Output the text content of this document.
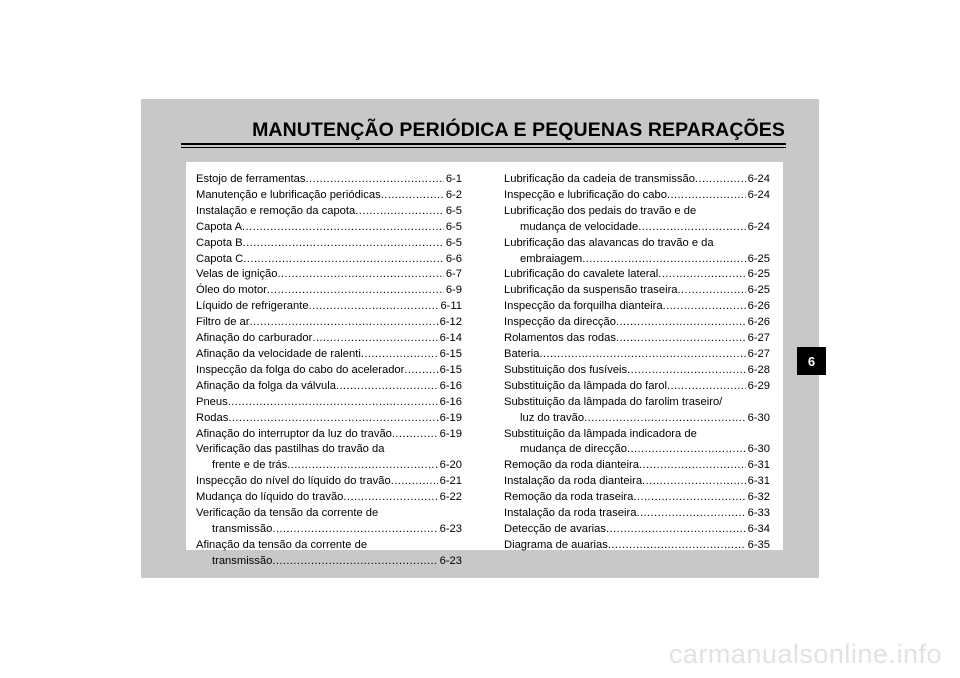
MANUTENÇÃO PERIÓDICA E PEQUENAS REPARAÇÕES
Estojo de ferramentas . . .	6-1
Manutenção e lubrificação periódicas . . .	6-2
Instalação e remoção da capota . . .	6-5
Capota A . . .	6-5
Capota B . . .	6-5
Capota C . . .	6-6
Velas de ignição . . .	6-7
Óleo do motor . . .	6-9
Líquido de refrigerante . . .	6-11
Filtro de ar . . .	6-12
Afinação do carburador . . .	6-14
Afinação da velocidade de ralenti . . .	6-15
Inspecção da folga do cabo do acelerador . . .	6-15
Afinação da folga da válvula . . .	6-16
Pneus . . .	6-16
Rodas . . .	6-19
Afinação do interruptor da luz do travão . . .	6-19
Verificação das pastilhas do travão da
frente e de trás . . .	6-20
Inspecção do nível do líquido do travão . . .	6-21
Mudança do líquido do travão . . .	6-22
Verificação da tensão da corrente de
transmissão . . .	6-23
Afinação da tensão da corrente de
transmissão . . .	6-23
Lubrificação da cadeia de transmissão . . .	6-24
Inspecção e lubrificação do cabo . . .	6-24
Lubrificação dos pedais do travão e de
mudança de velocidade . . .	6-24
Lubrificação das alavancas do travão e da
embraiagem . . .	6-25
Lubrificação do cavalete lateral . . .	6-25
Lubrificação da suspensão traseira . . .	6-25
Inspecção da forquilha dianteira . . .	6-26
Inspecção da direcção . . .	6-26
Rolamentos das rodas . . .	6-27
Bateria . . .	6-27
Substituição dos fusíveis . . .	6-28
Substituição da lâmpada do farol . . .	6-29
Substituição da lâmpada do farolim traseiro/
luz do travão . . .	6-30
Substituição da lâmpada indicadora de
mudança de direcção . . .	6-30
Remoção da roda dianteira . . .	6-31
Instalação da roda dianteira . . .	6-31
Remoção da roda traseira . . .	6-32
Instalação da roda traseira . . .	6-33
Detecção de avarias . . .	6-34
Diagrama de auarias . . .	6-35
6
carmanualsonline.info
